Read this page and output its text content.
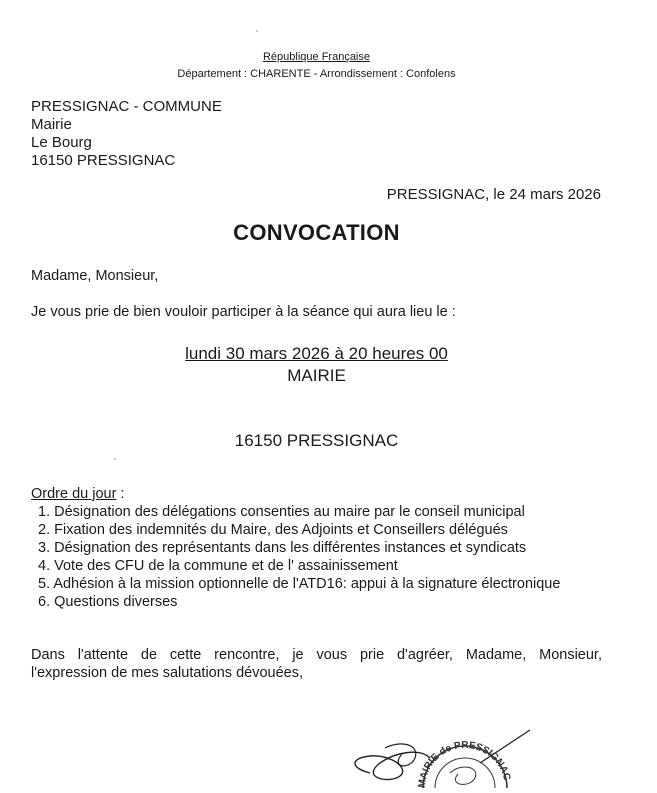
République Française
Département : CHARENTE - Arrondissement : Confolens
PRESSIGNAC - COMMUNE
Mairie
Le Bourg
16150 PRESSIGNAC
PRESSIGNAC, le 24 mars 2026
CONVOCATION
Madame, Monsieur,
Je vous prie de bien vouloir participer à la séance qui aura lieu le :
lundi 30 mars 2026 à 20 heures 00
MAIRIE
16150 PRESSIGNAC
Ordre du jour :
1. Désignation des délégations consenties au maire par le conseil municipal
2. Fixation des indemnités du Maire, des Adjoints et Conseillers délégués
3. Désignation des représentants dans les différentes instances et syndicats
4. Vote des CFU de la commune et de l' assainissement
5. Adhésion à la mission optionnelle de l'ATD16: appui à la signature électronique
6. Questions diverses
Dans l'attente de cette rencontre, je vous prie d'agréer, Madame, Monsieur,
l'expression de mes salutations dévouées,
MAIRIE de PRESSIGNAC
